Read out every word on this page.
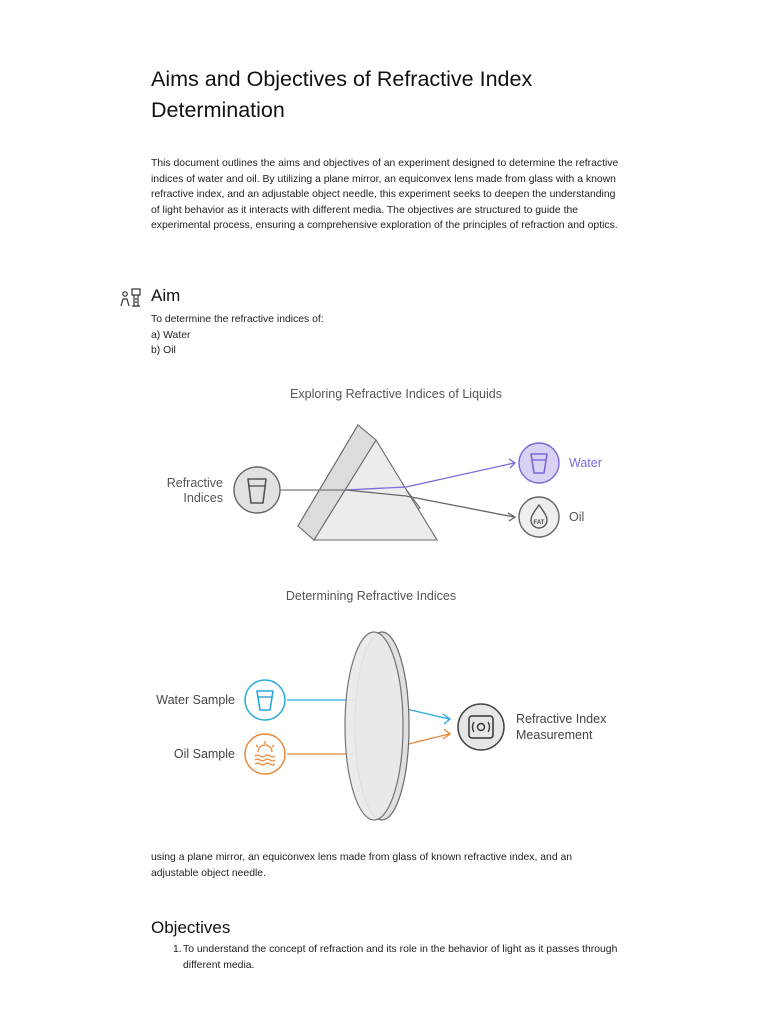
Aims and Objectives of Refractive Index Determination

This document outlines the aims and objectives of an experiment designed to determine the refractive indices of water and oil. By utilizing a plane mirror, an equiconvex lens made from glass with a known refractive index, and an adjustable object needle, this experiment seeks to deepen the understanding of light behavior as it interacts with different media. The objectives are structured to guide the experimental process, ensuring a comprehensive exploration of the principles of refraction and optics.

Aim
To determine the refractive indices of:
a) Water
b) Oil
Exploring Refractive Indices of Liquids
Refractive
Indices
Water
FAT Oil
Determining Refractive Indices
Water Sample
Oil Sample
Refractive Index
Measurement

using a plane mirror, an equiconvex lens made from glass of known refractive index, and an adjustable object needle.

Objectives
1. To understand the concept of refraction and its role in the behavior of light as it passes through different media.
